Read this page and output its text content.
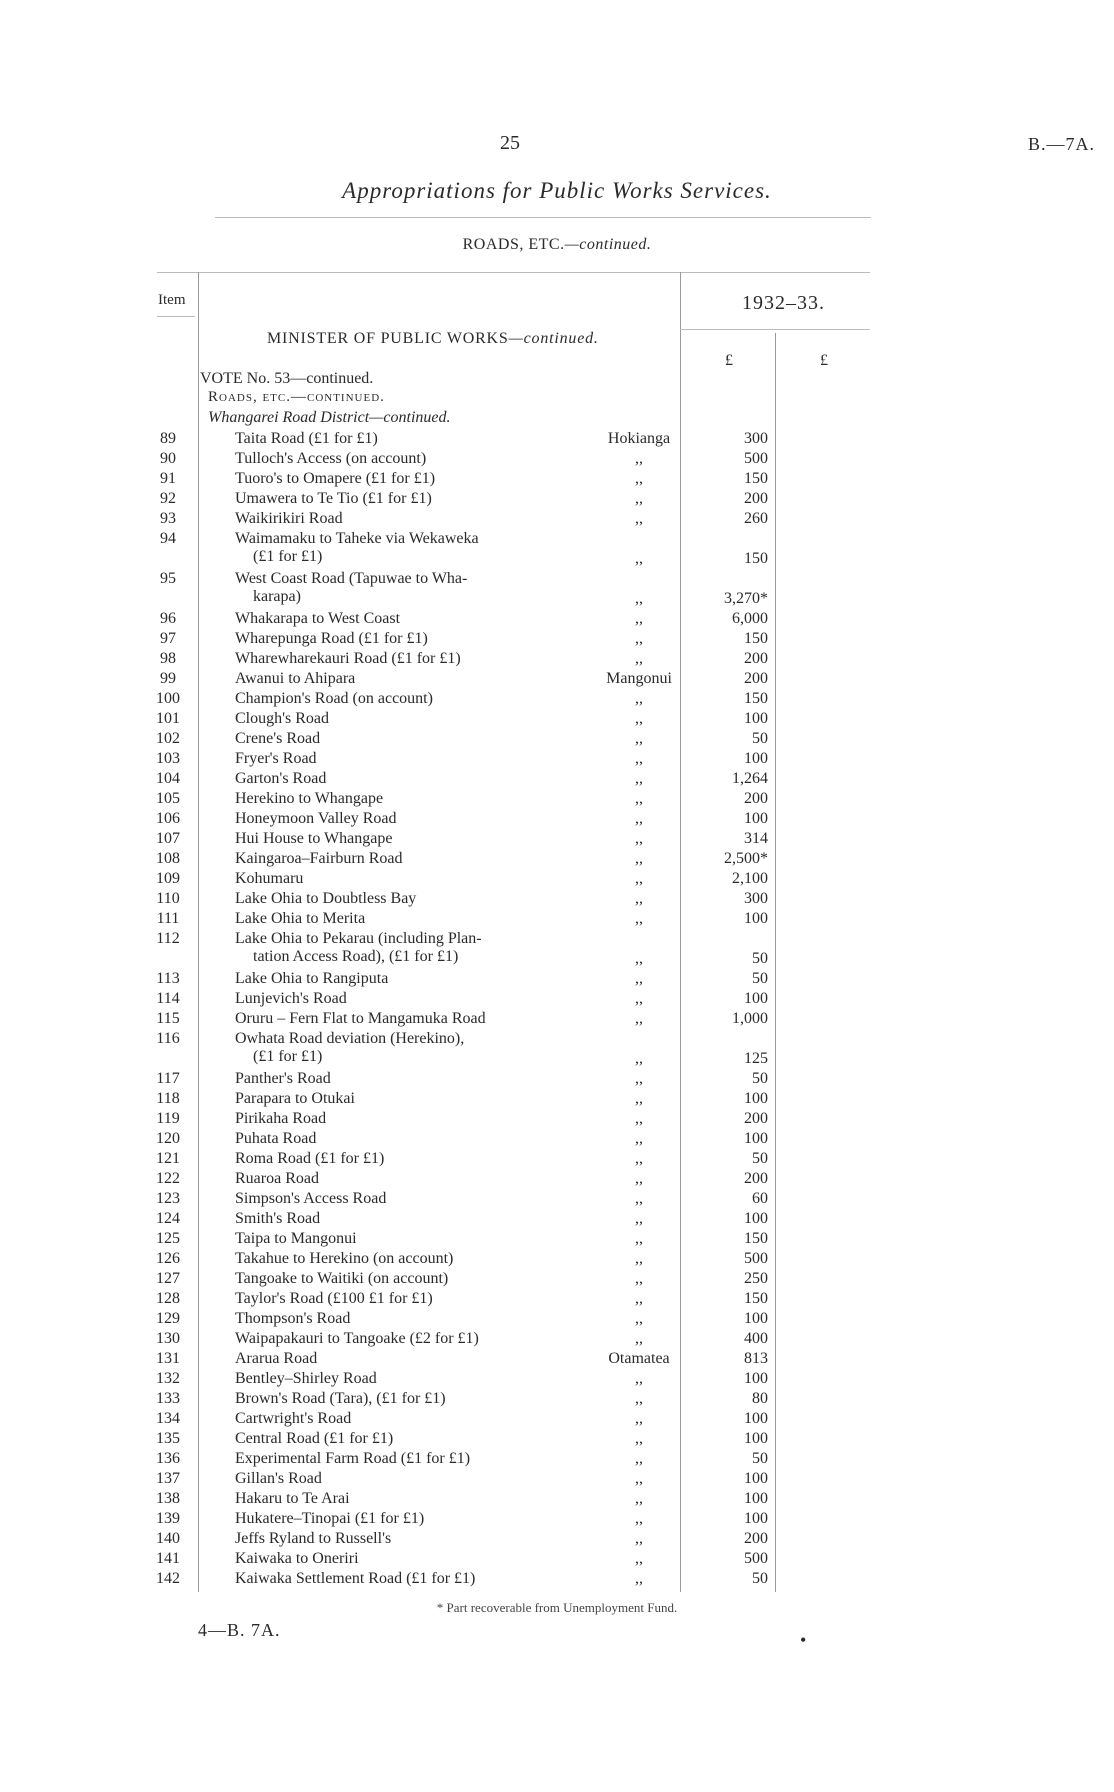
25	B.—7A.
Appropriations for Public Works Services.
ROADS, ETC.—continued.
Item	1932–33.
MINISTER OF PUBLIC WORKS—continued.
£	£
VOTE No. 53—continued.
Roads, etc.—continued.
Whangarei Road District—continued.
89	Taita Road (£1 for £1)	Hokianga	300
90	Tulloch's Access (on account)	,,	500
91	Tuoro's to Omapere (£1 for £1)	,,	150
92	Umawera to Te Tio (£1 for £1)	,,	200
93	Waikirikiri Road	,,	260
94	Waimamaku to Taheke via Wekaweka
(£1 for £1)	,,	150
95	West Coast Road (Tapuwae to Wha-
karapa)	,,	3,270*
96	Whakarapa to West Coast	,,	6,000
97	Wharepunga Road (£1 for £1)	,,	150
98	Wharewharekauri Road (£1 for £1)	,,	200
99	Awanui to Ahipara	Mangonui	200
100	Champion's Road (on account)	,,	150
101	Clough's Road	,,	100
102	Crene's Road	,,	50
103	Fryer's Road	,,	100
104	Garton's Road	,,	1,264
105	Herekino to Whangape	,,	200
106	Honeymoon Valley Road	,,	100
107	Hui House to Whangape	,,	314
108	Kaingaroa–Fairburn Road	,,	2,500*
109	Kohumaru	,,	2,100
110	Lake Ohia to Doubtless Bay	,,	300
111	Lake Ohia to Merita	,,	100
112	Lake Ohia to Pekarau (including Plan-
tation Access Road), (£1 for £1)	,,	50
113	Lake Ohia to Rangiputa	,,	50
114	Lunjevich's Road	,,	100
115	Oruru – Fern Flat to Mangamuka Road	,,	1,000
116	Owhata Road deviation (Herekino),
(£1 for £1)	,,	125
117	Panther's Road	,,	50
118	Parapara to Otukai	,,	100
119	Pirikaha Road	,,	200
120	Puhata Road	,,	100
121	Roma Road (£1 for £1)	,,	50
122	Ruaroa Road	,,	200
123	Simpson's Access Road	,,	60
124	Smith's Road	,,	100
125	Taipa to Mangonui	,,	150
126	Takahue to Herekino (on account)	,,	500
127	Tangoake to Waitiki (on account)	,,	250
128	Taylor's Road (£100 £1 for £1)	,,	150
129	Thompson's Road	,,	100
130	Waipapakauri to Tangoake (£2 for £1)	,,	400
131	Ararua Road	Otamatea	813
132	Bentley–Shirley Road	,,	100
133	Brown's Road (Tara), (£1 for £1)	,,	80
134	Cartwright's Road	,,	100
135	Central Road (£1 for £1)	,,	100
136	Experimental Farm Road (£1 for £1)	,,	50
137	Gillan's Road	,,	100
138	Hakaru to Te Arai	,,	100
139	Hukatere–Tinopai (£1 for £1)	,,	100
140	Jeffs Ryland to Russell's	,,	200
141	Kaiwaka to Oneriri	,,	500
142	Kaiwaka Settlement Road (£1 for £1)	,,	50
* Part recoverable from Unemployment Fund.
4—B. 7A.	•
